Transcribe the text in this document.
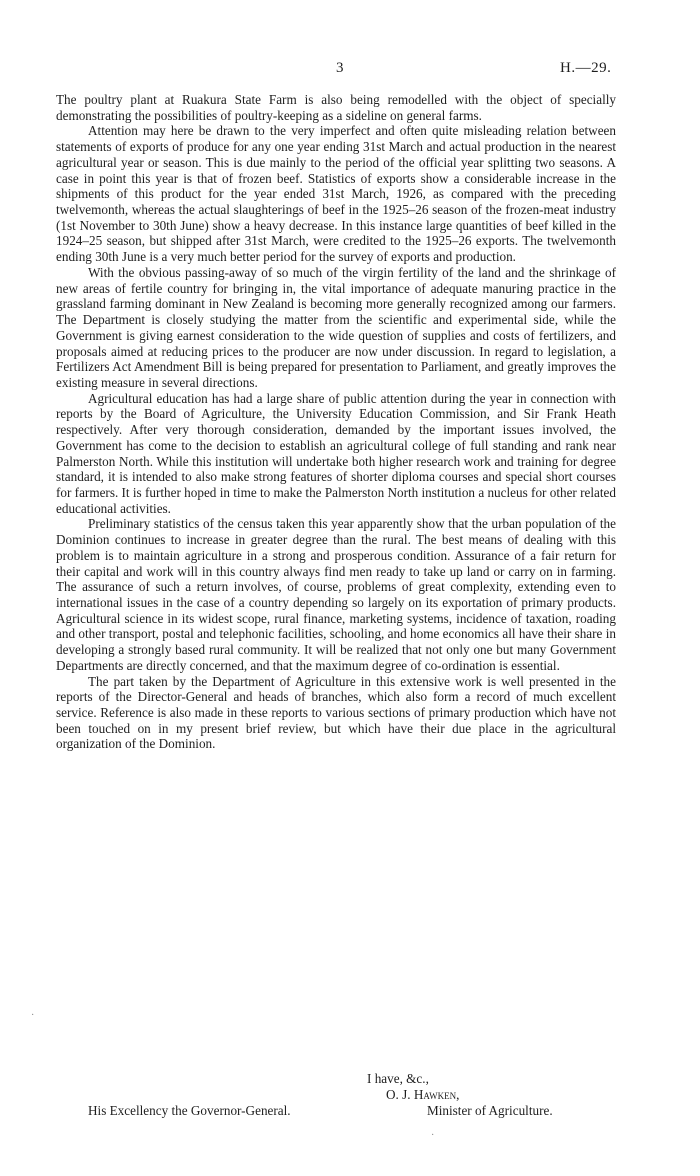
3	H.—29.

The poultry plant at Ruakura State Farm is also being remodelled with the object of specially demonstrating the possibilities of poultry-keeping as a sideline on general farms.

Attention may here be drawn to the very imperfect and often quite misleading relation between statements of exports of produce for any one year ending 31st March and actual production in the nearest agricultural year or season. This is due mainly to the period of the official year splitting two seasons. A case in point this year is that of frozen beef. Statistics of exports show a considerable increase in the shipments of this product for the year ended 31st March, 1926, as compared with the preceding twelvemonth, whereas the actual slaughterings of beef in the 1925–26 season of the frozen-meat industry (1st November to 30th June) show a heavy decrease. In this instance large quantities of beef killed in the 1924–25 season, but shipped after 31st March, were credited to the 1925–26 exports. The twelvemonth ending 30th June is a very much better period for the survey of exports and production.

With the obvious passing-away of so much of the virgin fertility of the land and the shrinkage of new areas of fertile country for bringing in, the vital importance of adequate manuring practice in the grassland farming dominant in New Zealand is becoming more generally recognized among our farmers. The Department is closely studying the matter from the scientific and experimental side, while the Government is giving earnest consideration to the wide question of supplies and costs of fertilizers, and proposals aimed at reducing prices to the producer are now under discussion. In regard to legislation, a Fertilizers Act Amendment Bill is being prepared for presentation to Parliament, and greatly improves the existing measure in several directions.

Agricultural education has had a large share of public attention during the year in connection with reports by the Board of Agriculture, the University Education Commission, and Sir Frank Heath respectively. After very thorough consideration, demanded by the important issues involved, the Government has come to the decision to establish an agricultural college of full standing and rank near Palmerston North. While this institution will undertake both higher research work and training for degree standard, it is intended to also make strong features of shorter diploma courses and special short courses for farmers. It is further hoped in time to make the Palmerston North institution a nucleus for other related educational activities.

Preliminary statistics of the census taken this year apparently show that the urban population of the Dominion continues to increase in greater degree than the rural. The best means of dealing with this problem is to maintain agriculture in a strong and prosperous condition. Assurance of a fair return for their capital and work will in this country always find men ready to take up land or carry on in farming. The assurance of such a return involves, of course, problems of great complexity, extending even to international issues in the case of a country depending so largely on its exportation of primary products. Agricultural science in its widest scope, rural finance, marketing systems, incidence of taxation, roading and other transport, postal and telephonic facilities, schooling, and home economics all have their share in developing a strongly based rural community. It will be realized that not only one but many Government Departments are directly concerned, and that the maximum degree of co-ordination is essential.

The part taken by the Department of Agriculture in this extensive work is well presented in the reports of the Director-General and heads of branches, which also form a record of much excellent service. Reference is also made in these reports to various sections of primary production which have not been touched on in my present brief review, but which have their due place in the agricultural organization of the Dominion.

I have, &c.,
O. J. Hawken,
His Excellency the Governor-General.	Minister of Agriculture.
·
·
